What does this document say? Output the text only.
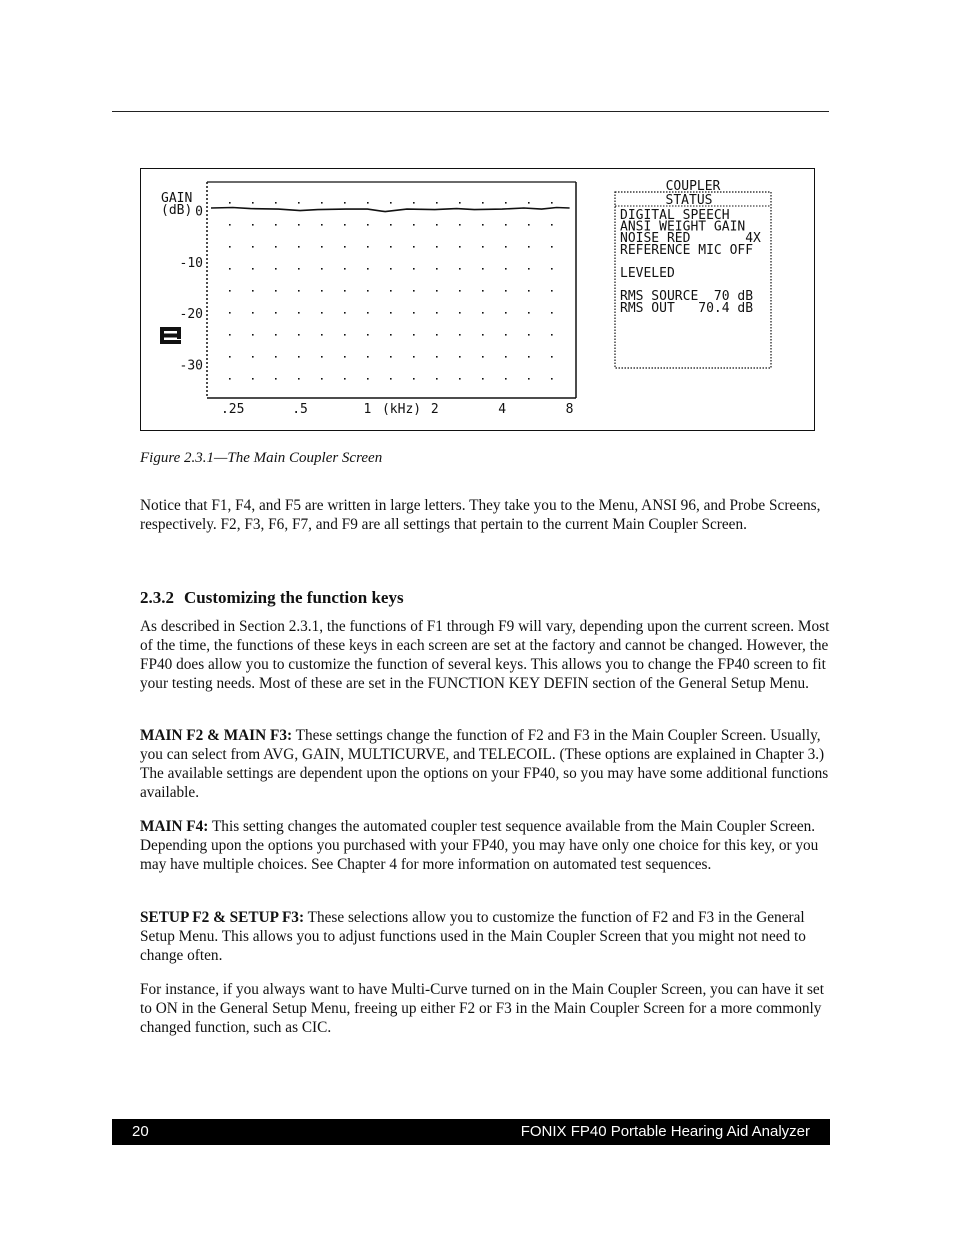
GAIN
(dB) 0
-10
-20
-30
.25	.5	1 (kHz) 2	4	8
COUPLER
STATUS
DIGITAL SPEECH
ANSI WEIGHT GAIN
NOISE RED       4X
REFERENCE MIC OFF
LEVELED
RMS SOURCE  70 dB
RMS OUT   70.4 dB
Figure 2.3.1—The Main Coupler Screen

Notice that F1, F4, and F5 are written in large letters. They take you to the Menu, ANSI 96, and Probe Screens, respectively. F2, F3, F6, F7, and F9 are all settings that pertain to the current Main Coupler Screen.

2.3.2 Customizing the function keys

As described in Section 2.3.1, the functions of F1 through F9 will vary, depending upon the current screen. Most of the time, the functions of these keys in each screen are set at the factory and cannot be changed. However, the FP40 does allow you to customize the function of several keys. This allows you to change the FP40 screen to fit your testing needs. Most of these are set in the FUNCTION KEY DEFIN section of the General Setup Menu.

MAIN F2 & MAIN F3: These settings change the function of F2 and F3 in the Main Coupler Screen. Usually, you can select from AVG, GAIN, MULTICURVE, and TELECOIL. (These options are explained in Chapter 3.) The available settings are dependent upon the options on your FP40, so you may have some additional functions available.

MAIN F4: This setting changes the automated coupler test sequence available from the Main Coupler Screen. Depending upon the options you purchased with your FP40, you may have only one choice for this key, or you may have multiple choices. See Chapter 4 for more information on automated test sequences.

SETUP F2 & SETUP F3: These selections allow you to customize the function of F2 and F3 in the General Setup Menu. This allows you to adjust functions used in the Main Coupler Screen that you might not need to change often.

For instance, if you always want to have Multi-Curve turned on in the Main Coupler Screen, you can have it set to ON in the General Setup Menu, freeing up either F2 or F3 in the Main Coupler Screen for a more commonly changed function, such as CIC.

20	FONIX FP40 Portable Hearing Aid Analyzer
